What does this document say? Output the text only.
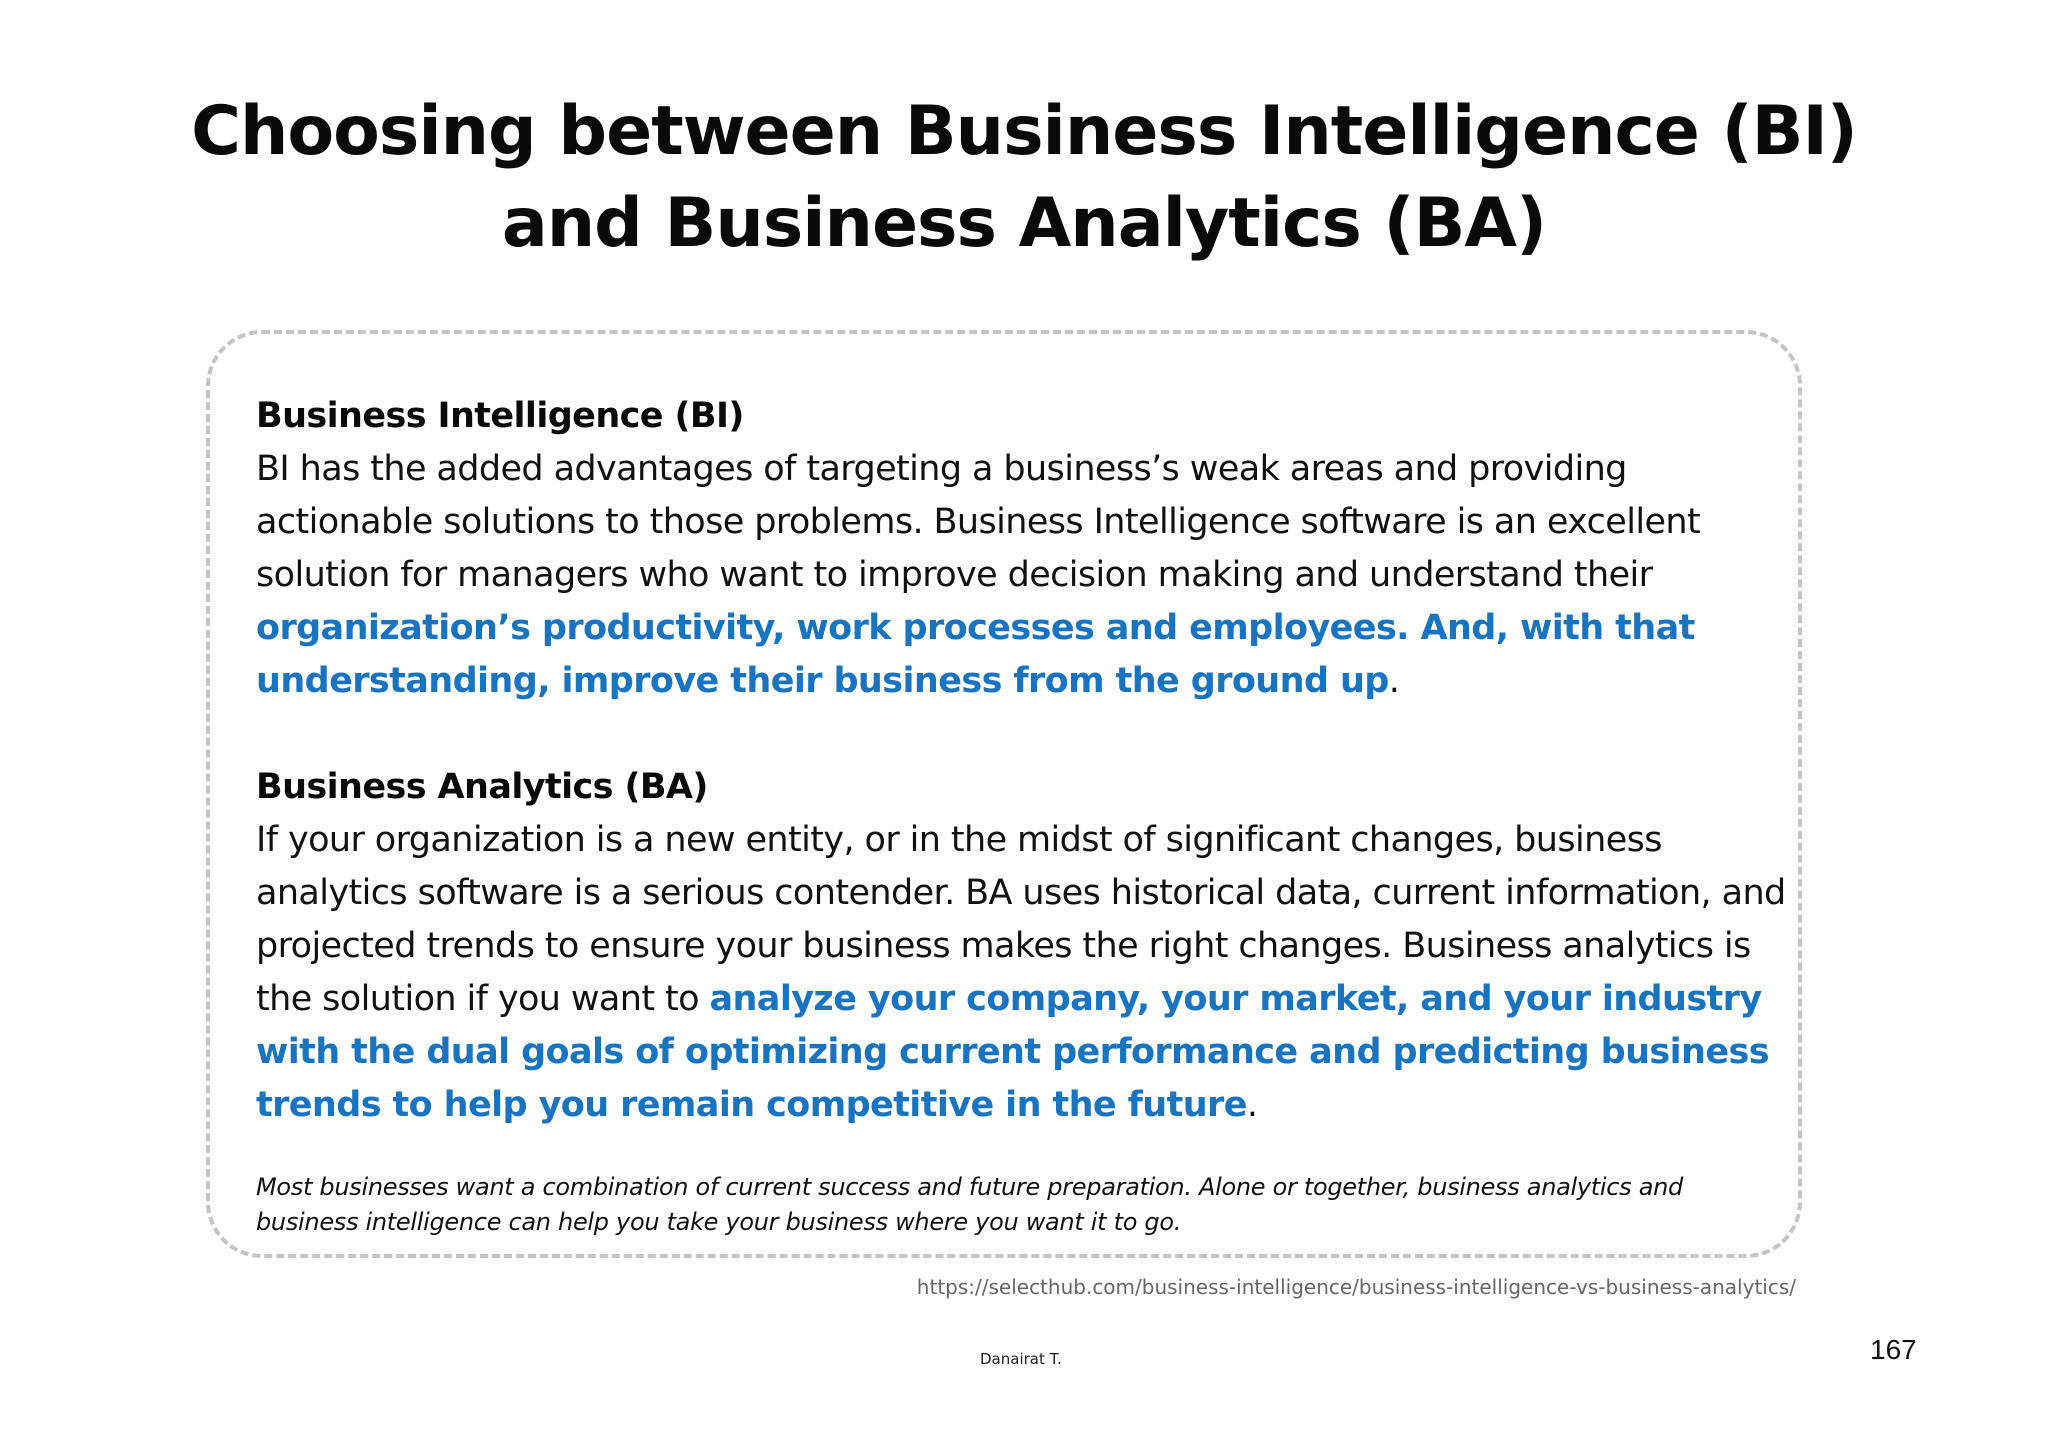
Choosing between Business Intelligence (BI)
and Business Analytics (BA)
Business Intelligence (BI)
BI has the added advantages of targeting a business’s weak areas and providing actionable solutions to those problems. Business Intelligence software is an excellent solution for managers who want to improve decision making and understand their organization’s productivity, work processes and employees. And, with that understanding, improve their business from the ground up.
Business Analytics (BA)
If your organization is a new entity, or in the midst of significant changes, business analytics software is a serious contender. BA uses historical data, current information, and projected trends to ensure your business makes the right changes. Business analytics is the solution if you want to analyze your company, your market, and your industry with the dual goals of optimizing current performance and predicting business trends to help you remain competitive in the future.
Most businesses want a combination of current success and future preparation. Alone or together, business analytics and business intelligence can help you take your business where you want it to go.
https://selecthub.com/business-intelligence/business-intelligence-vs-business-analytics/
Danairat T.	167
